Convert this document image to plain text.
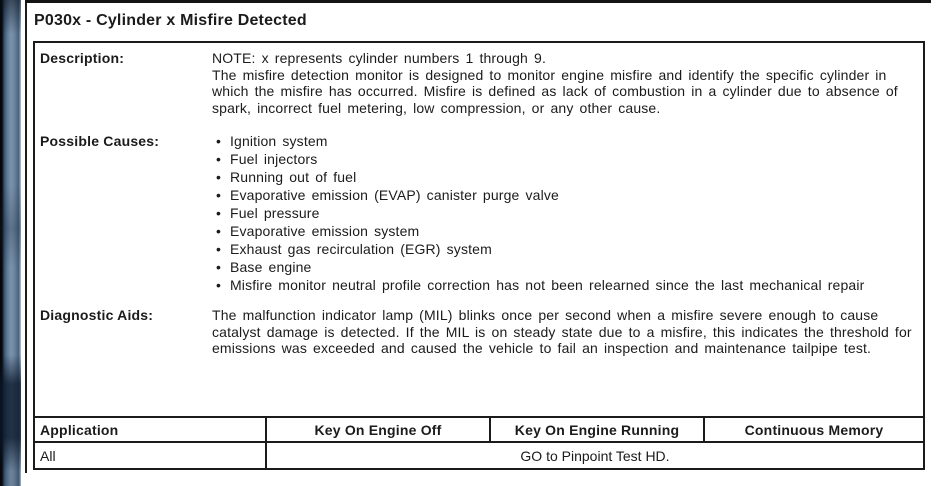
P030x - Cylinder x Misfire Detected
Description:	NOTE: x represents cylinder numbers 1 through 9.

The misfire detection monitor is designed to monitor engine misfire and identify the specific cylinder in which the misfire has occurred. Misfire is defined as lack of combustion in a cylinder due to absence of spark, incorrect fuel metering, low compression, or any other cause.

Possible Causes:	• Ignition system
• Fuel injectors
• Running out of fuel
• Evaporative emission (EVAP) canister purge valve
• Fuel pressure
• Evaporative emission system
• Exhaust gas recirculation (EGR) system
• Base engine
• Misfire monitor neutral profile correction has not been relearned since the last mechanical repair
Diagnostic Aids:	The malfunction indicator lamp (MIL) blinks once per second when a misfire severe enough to cause catalyst damage is detected. If the MIL is on steady state due to a misfire, this indicates the threshold for emissions was exceeded and caused the vehicle to fail an inspection and maintenance tailpipe test.

Application	Key On Engine Off	Key On Engine Running	Continuous Memory
All	GO to Pinpoint Test HD.
